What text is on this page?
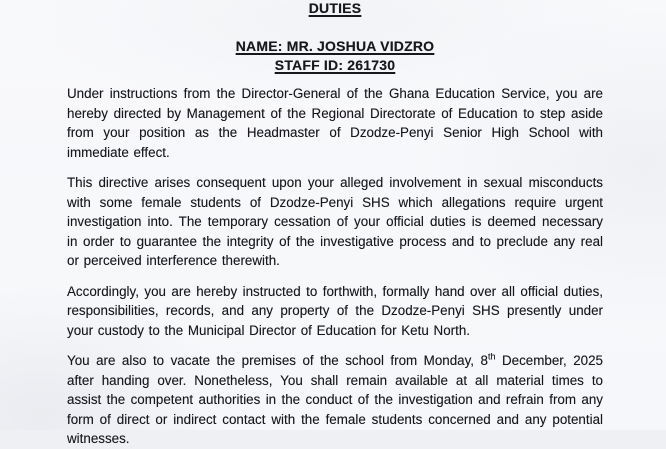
DUTIES
NAME: MR. JOSHUA VIDZRO
STAFF ID: 261730

Under instructions from the Director-General of the Ghana Education Service, you are hereby directed by Management of the Regional Directorate of Education to step aside from your position as the Headmaster of Dzodze-Penyi Senior High School with immediate effect.

This directive arises consequent upon your alleged involvement in sexual misconducts with some female students of Dzodze-Penyi SHS which allegations require urgent investigation into. The temporary cessation of your official duties is deemed necessary in order to guarantee the integrity of the investigative process and to preclude any real or perceived interference therewith.

Accordingly, you are hereby instructed to forthwith, formally hand over all official duties, responsibilities, records, and any property of the Dzodze-Penyi SHS presently under your custody to the Municipal Director of Education for Ketu North.

You are also to vacate the premises of the school from Monday, 8th December, 2025 after handing over. Nonetheless, You shall remain available at all material times to assist the competent authorities in the conduct of the investigation and refrain from any form of direct or indirect contact with the female students concerned and any potential witnesses.
